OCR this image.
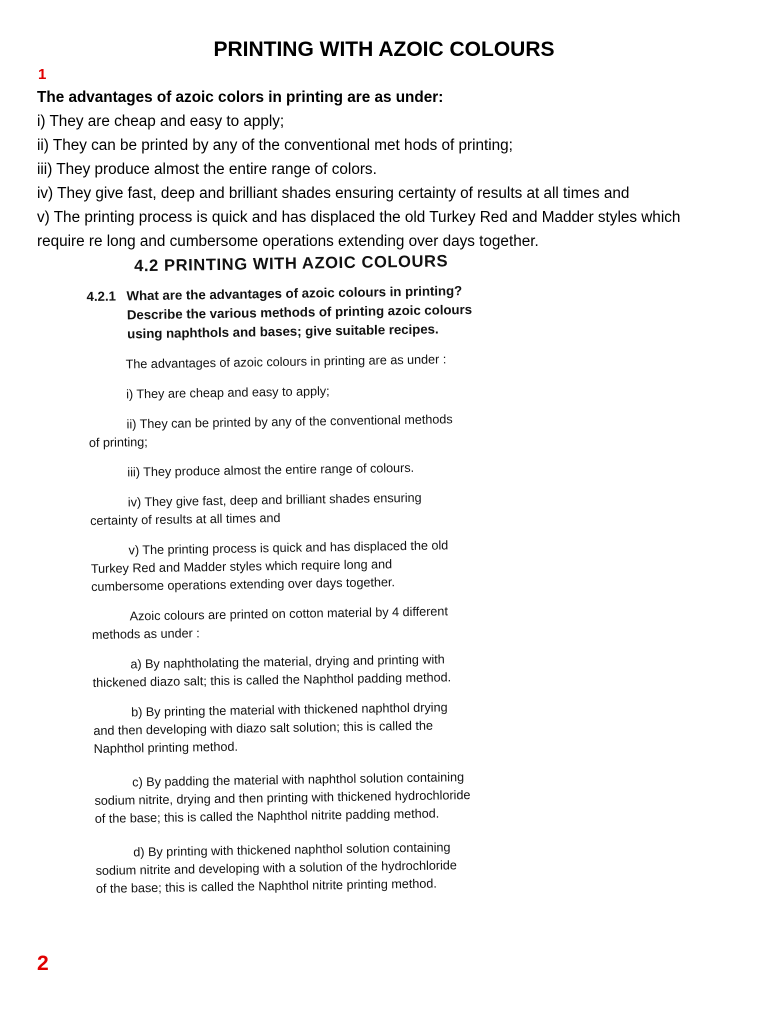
PRINTING WITH AZOIC COLOURS
1
The advantages of azoic colors in printing are as under:
i) They are cheap and easy to apply;
ii) They can be printed by any of the conventional met hods of printing;
iii) They produce almost the entire range of colors.
iv) They give fast, deep and brilliant shades ensuring certainty of results at all times and
v) The printing process is quick and has displaced the old Turkey Red and Madder styles which
require re long and cumbersome operations extending over days together.
4.2 PRINTING WITH AZOIC COLOURS
4.2.1 What are the advantages of azoic colours in printing?
Describe the various methods of printing azoic colours
using naphthols and bases; give suitable recipes.
The advantages of azoic colours in printing are as under :
i) They are cheap and easy to apply;
ii) They can be printed by any of the conventional methods
of printing;
iii) They produce almost the entire range of colours.
iv) They give fast, deep and brilliant shades ensuring
certainty of results at all times and
v) The printing process is quick and has displaced the old
Turkey Red and Madder styles which require long and
cumbersome operations extending over days together.
Azoic colours are printed on cotton material by 4 different
methods as under :
a) By naphtholating the material, drying and printing with
thickened diazo salt; this is called the Naphthol padding method.
b) By printing the material with thickened naphthol drying
and then developing with diazo salt solution; this is called the
Naphthol printing method.
c) By padding the material with naphthol solution containing
sodium nitrite, drying and then printing with thickened hydrochloride
of the base; this is called the Naphthol nitrite padding method.
d) By printing with thickened naphthol solution containing
sodium nitrite and developing with a solution of the hydrochloride
of the base; this is called the Naphthol nitrite printing method.
2
